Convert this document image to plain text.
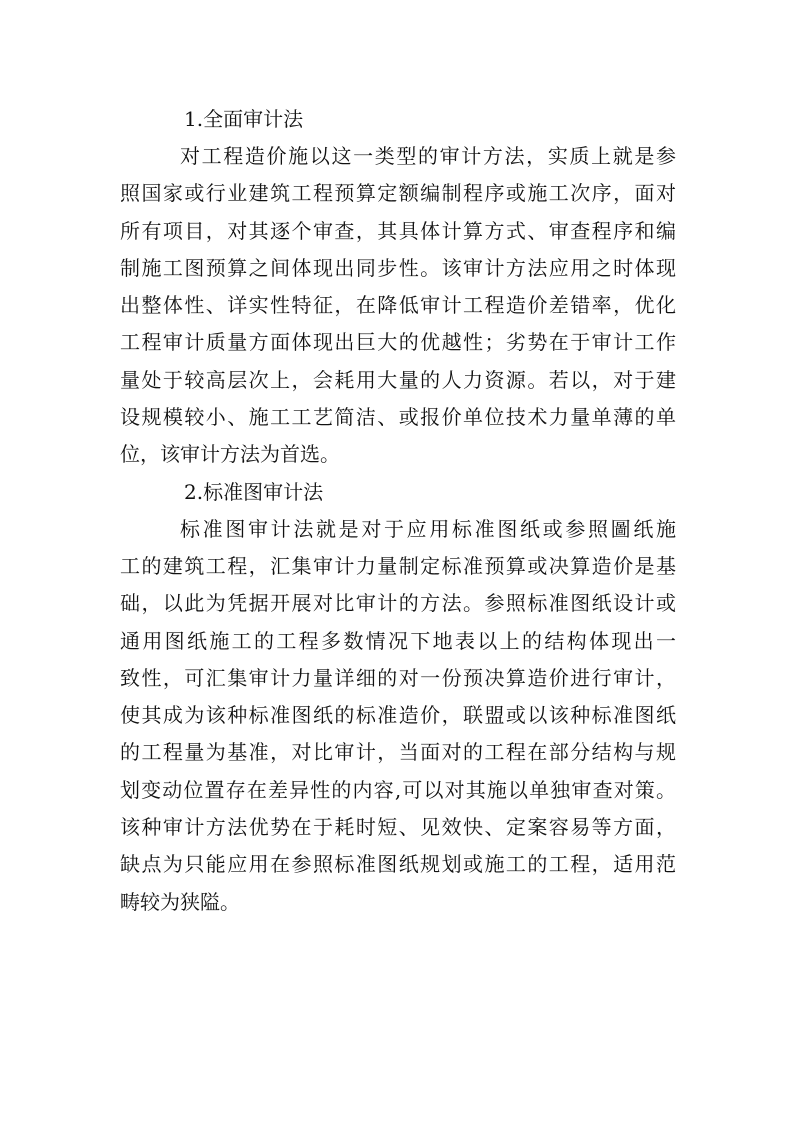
1.全面审计法
对工程造价施以这一类型的审计方法，实质上就是参
照国家或行业建筑工程预算定额编制程序或施工次序，面对
所有项目，对其逐个审查，其具体计算方式、审查程序和编
制施工图预算之间体现出同步性。该审计方法应用之时体现
出整体性、详实性特征，在降低审计工程造价差错率，优化
工程审计质量方面体现出巨大的优越性；劣势在于审计工作
量处于较高层次上，会耗用大量的人力资源。若以，对于建
设规模较小、施工工艺简洁、或报价单位技术力量单薄的单
位，该审计方法为首选。
2.标准图审计法
标准图审计法就是对于应用标准图纸或参照圖纸施
工的建筑工程，汇集审计力量制定标准预算或决算造价是基
础，以此为凭据开展对比审计的方法。参照标准图纸设计或
通用图纸施工的工程多数情况下地表以上的结构体现出一
致性，可汇集审计力量详细的对一份预决算造价进行审计，
使其成为该种标准图纸的标准造价，联盟或以该种标准图纸
的工程量为基准，对比审计，当面对的工程在部分结构与规
划变动位置存在差异性的内容,可以对其施以单独审查对策。
该种审计方法优势在于耗时短、见效快、定案容易等方面，
缺点为只能应用在参照标准图纸规划或施工的工程，适用范
畴较为狭隘。
